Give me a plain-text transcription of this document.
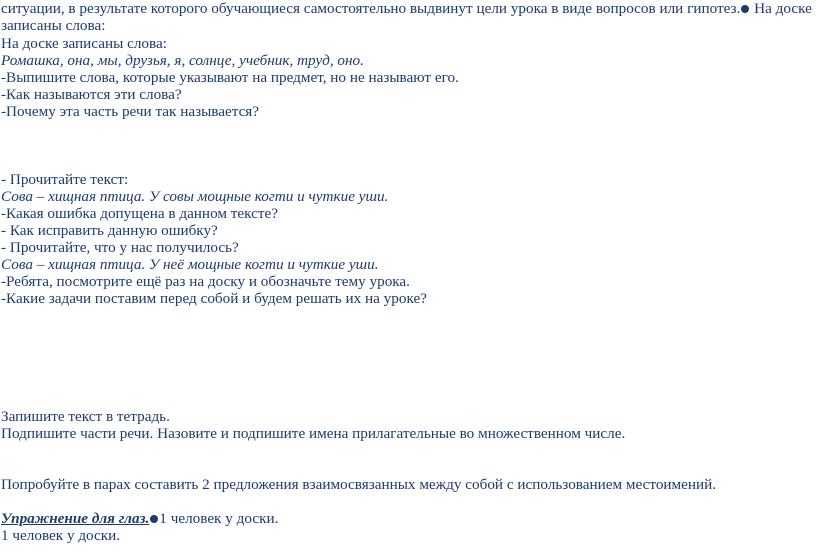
ситуации, в результате которого обучающиеся самостоятельно выдвинут цели урока в виде вопросов или гипотез. На доске
записаны слова:
На доске записаны слова:
Ромашка, она, мы, друзья, я, солнце, учебник, труд, оно.
-Выпишите слова, которые указывают на предмет, но не называют его.
-Как называются эти слова?
-Почему эта часть речи так называется?
- Прочитайте текст:
Сова – хищная птица. У совы мощные когти и чуткие уши.
-Какая ошибка допущена в данном тексте?
- Как исправить данную ошибку?
- Прочитайте, что у нас получилось?
Сова – хищная птица. У неё мощные когти и чуткие уши.
-Ребята, посмотрите ещё раз на доску и обозначьте тему урока.
-Какие задачи поставим перед собой и будем решать их на уроке?
Запишите текст в тетрадь.
Подпишите части речи. Назовите и подпишите имена прилагательные во множественном числе.
Попробуйте в парах составить 2 предложения взаимосвязанных между собой с использованием местоимений.
Упражнение для глаз. 1 человек у доски.
1 человек у доски.
